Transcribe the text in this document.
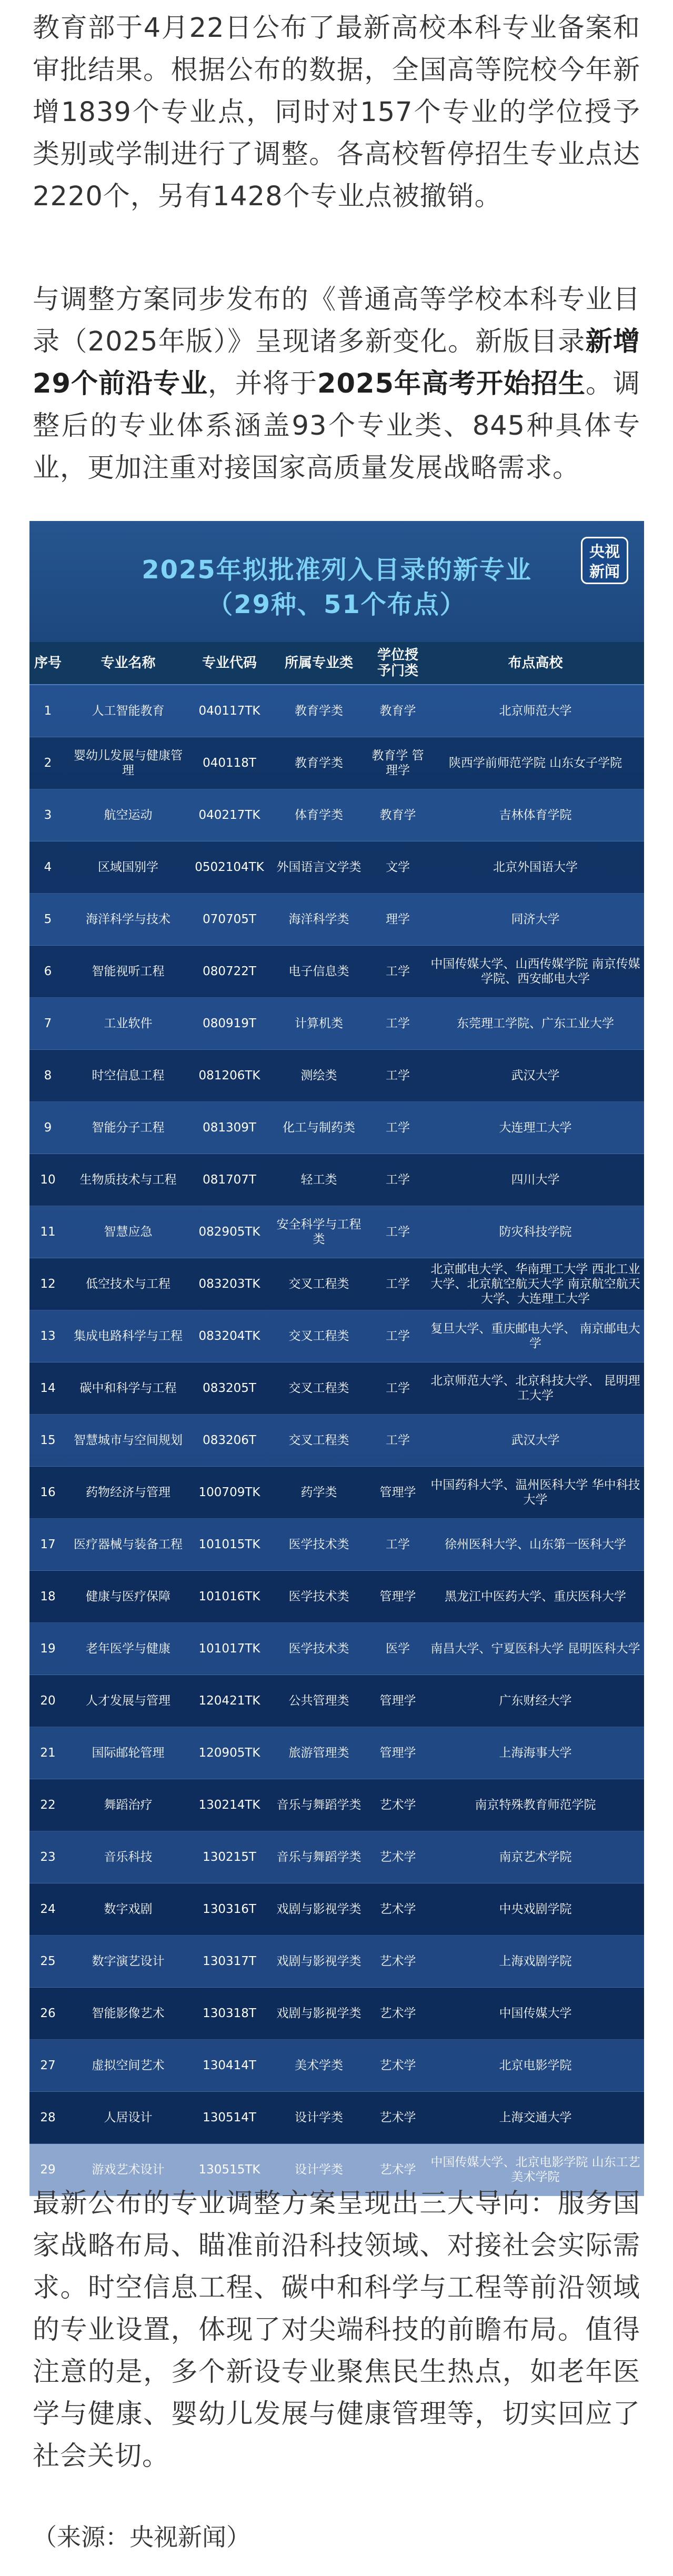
教育部于4月22日公布了最新高校本科专业备案和审批结果。根据公布的数据，全国高等院校今年新增1839个专业点，同时对157个专业的学位授予类别或学制进行了调整。各高校暂停招生专业点达2220个，另有1428个专业点被撤销。

与调整方案同步发布的《普通高等学校本科专业目录（2025年版）》呈现诸多新变化。新版目录新增29个前沿专业，并将于2025年高考开始招生。调整后的专业体系涵盖93个专业类、845种具体专业，更加注重对接国家高质量发展战略需求。

央视
新闻
2025年拟批准列入目录的新专业
（29种、51个布点）
序号	专业名称	专业代码	所属专业类	学位授予门类	布点高校
1	人工智能教育	040117TK	教育学类	教育学	北京师范大学
2	婴幼儿发展与健康管理	040118T	教育学类	教育学 管理学	陕西学前师范学院 山东女子学院
3	航空运动	040217TK	体育学类	教育学	吉林体育学院
4	区域国别学	0502104TK	外国语言文学类	文学	北京外国语大学
5	海洋科学与技术	070705T	海洋科学类	理学	同济大学
6	智能视听工程	080722T	电子信息类	工学	中国传媒大学、山西传媒学院 南京传媒学院、西安邮电大学
7	工业软件	080919T	计算机类	工学	东莞理工学院、广东工业大学
8	时空信息工程	081206TK	测绘类	工学	武汉大学
9	智能分子工程	081309T	化工与制药类	工学	大连理工大学
10	生物质技术与工程	081707T	轻工类	工学	四川大学
11	智慧应急	082905TK	安全科学与工程类	工学	防灾科技学院
12	低空技术与工程	083203TK	交叉工程类	工学	北京邮电大学、华南理工大学 西北工业大学、北京航空航天大学 南京航空航天大学、大连理工大学
13	集成电路科学与工程	083204TK	交叉工程类	工学	复旦大学、重庆邮电大学、 南京邮电大学
14	碳中和科学与工程	083205T	交叉工程类	工学	北京师范大学、北京科技大学、 昆明理工大学
15	智慧城市与空间规划	083206T	交叉工程类	工学	武汉大学
16	药物经济与管理	100709TK	药学类	管理学	中国药科大学、温州医科大学 华中科技大学
17	医疗器械与装备工程	101015TK	医学技术类	工学	徐州医科大学、山东第一医科大学
18	健康与医疗保障	101016TK	医学技术类	管理学	黑龙江中医药大学、重庆医科大学
19	老年医学与健康	101017TK	医学技术类	医学	南昌大学、宁夏医科大学 昆明医科大学
20	人才发展与管理	120421TK	公共管理类	管理学	广东财经大学
21	国际邮轮管理	120905TK	旅游管理类	管理学	上海海事大学
22	舞蹈治疗	130214TK	音乐与舞蹈学类	艺术学	南京特殊教育师范学院
23	音乐科技	130215T	音乐与舞蹈学类	艺术学	南京艺术学院
24	数字戏剧	130316T	戏剧与影视学类	艺术学	中央戏剧学院
25	数字演艺设计	130317T	戏剧与影视学类	艺术学	上海戏剧学院
26	智能影像艺术	130318T	戏剧与影视学类	艺术学	中国传媒大学
27	虚拟空间艺术	130414T	美术学类	艺术学	北京电影学院
28	人居设计	130514T	设计学类	艺术学	上海交通大学
29	游戏艺术设计	130515TK	设计学类	艺术学	中国传媒大学、北京电影学院 山东工艺美术学院

最新公布的专业调整方案呈现出三大导向：服务国家战略布局、瞄准前沿科技领域、对接社会实际需求。时空信息工程、碳中和科学与工程等前沿领域的专业设置，体现了对尖端科技的前瞻布局。值得注意的是，多个新设专业聚焦民生热点，如老年医学与健康、婴幼儿发展与健康管理等，切实回应了社会关切。

（来源：央视新闻）
